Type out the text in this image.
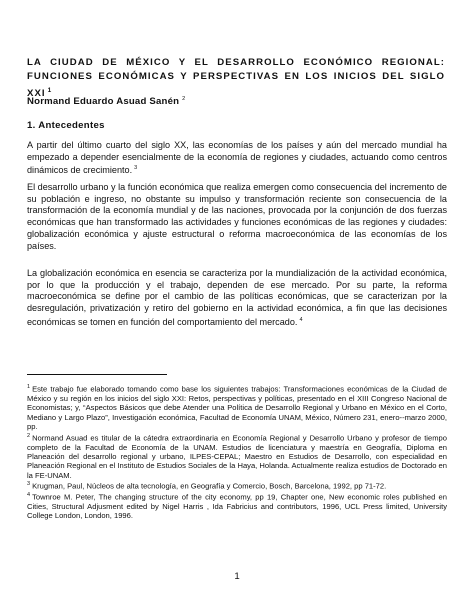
LA CIUDAD DE MÉXICO Y EL DESARROLLO ECONÓMICO REGIONAL: FUNCIONES ECONÓMICAS Y PERSPECTIVAS EN LOS INICIOS DEL SIGLO XXI $^1$
Normand Eduardo Asuad Sanén $^2$
1. Antecedentes

A partir del último cuarto del siglo XX, las economías de los países y aún del mercado mundial ha empezado a depender esencialmente de la economía de regiones y ciudades, actuando como centros dinámicos de crecimiento. $^3$

El desarrollo urbano y la función económica que realiza emergen como consecuencia del incremento de su población e ingreso, no obstante su impulso y transformación reciente son consecuencia de la transformación de la economía mundial y de las naciones, provocada por la conjunción de dos fuerzas económicas que han transformado las actividades y funciones económicas de las regiones y ciudades: globalización económica y ajuste estructural o reforma macroeconómica de las economías de los países.

La globalización económica en esencia se caracteriza por la mundialización de la actividad económica, por lo que la producción y el trabajo, dependen de ese mercado. Por su parte, la reforma macroeconómica se define por el cambio de las políticas económicas, que se caracterizan por la desregulación, privatización y retiro del gobierno en la actividad económica, a fin que las decisiones económicas se tomen en función del comportamiento del mercado. $^4$

$^1$ Este trabajo fue elaborado tomando como base los siguientes trabajos: Transformaciones económicas de la Ciudad de México y su región en los inicios del siglo XXI: Retos, perspectivas y políticas, presentado en el XIII Congreso Nacional de Economistas; y, “Aspectos Básicos que debe Atender una Política de Desarrollo Regional y Urbano en México en el Corto, Mediano y Largo Plazo”, Investigación económica, Facultad de Economía UNAM, México, Número 231, enero--marzo 2000, pp.

$^2$ Normand Asuad es titular de la cátedra extraordinaria en Economía Regional y Desarrollo Urbano y profesor de tiempo completo de la Facultad de Economía de la UNAM. Estudios de licenciatura y maestría en Geografía, Diploma en Planeación del desarrollo regional y urbano, ILPES-CEPAL; Maestro en Estudios de Desarrollo, con especialidad en Planeación Regional en el Instituto de Estudios Sociales de la Haya, Holanda. Actualmente realiza estudios de Doctorado en la FE-UNAM.

$^3$ Krugman, Paul, Núcleos de alta tecnología, en Geografía y Comercio, Bosch, Barcelona, 1992, pp 71-72.

$^4$ Townroe M. Peter, The changing structure of the city economy, pp 19, Chapter one, New economic roles published en Cities, Structural Adjusment edited by Nigel Harris , Ida Fabricius and contributors, 1996, UCL Press limited, University College London, London, 1996.

1
